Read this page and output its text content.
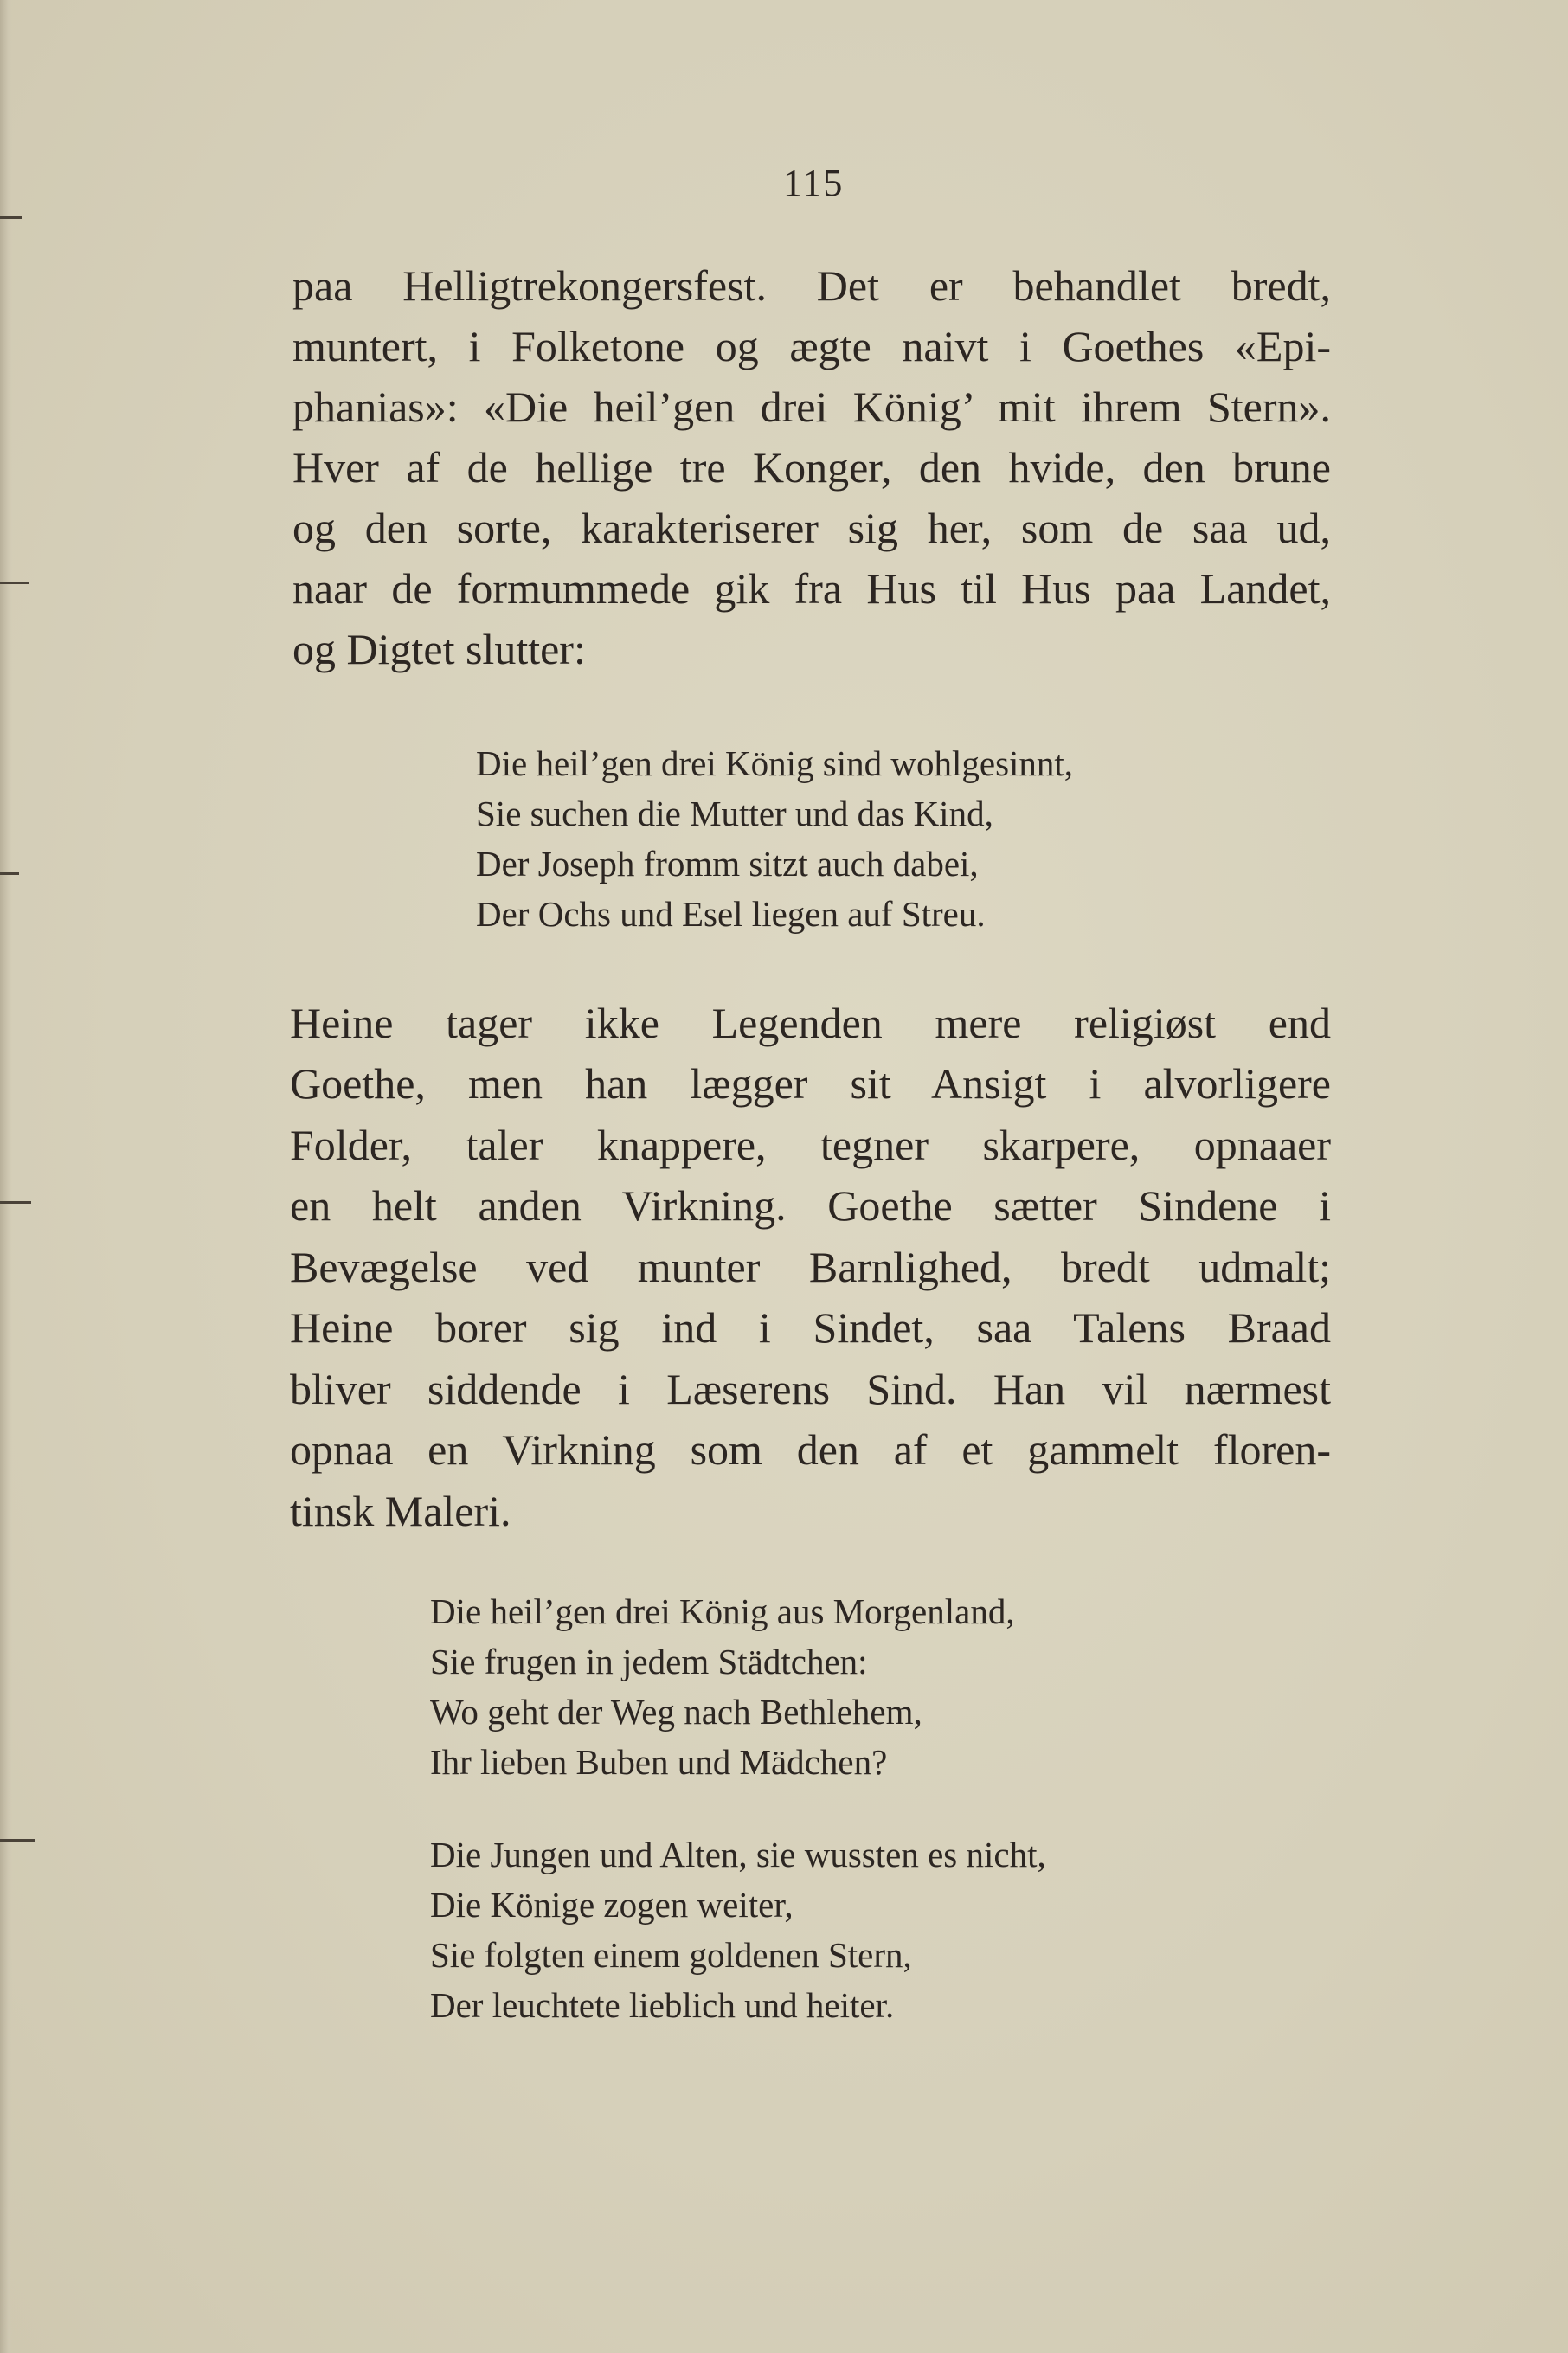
115
paa Helligtrekongersfest. Det er behandlet bredt,
muntert, i Folketone og ægte naivt i Goethes «Epi-
phanias»: «Die heil’gen drei König’ mit ihrem Stern».
Hver af de hellige tre Konger, den hvide, den brune
og den sorte, karakteriserer sig her, som de saa ud,
naar de formummede gik fra Hus til Hus paa Landet,
og Digtet slutter:
Die heil’gen drei König sind wohlgesinnt,
Sie suchen die Mutter und das Kind,
Der Joseph fromm sitzt auch dabei,
Der Ochs und Esel liegen auf Streu.
Heine tager ikke Legenden mere religiøst end
Goethe, men han lægger sit Ansigt i alvorligere
Folder, taler knappere, tegner skarpere, opnaaer
en helt anden Virkning. Goethe sætter Sindene i
Bevægelse ved munter Barnlighed, bredt udmalt;
Heine borer sig ind i Sindet, saa Talens Braad
bliver siddende i Læserens Sind. Han vil nærmest
opnaa en Virkning som den af et gammelt floren-
tinsk Maleri.
Die heil’gen drei König aus Morgenland,
Sie frugen in jedem Städtchen:
Wo geht der Weg nach Bethlehem,
Ihr lieben Buben und Mädchen?
Die Jungen und Alten, sie wussten es nicht,
Die Könige zogen weiter,
Sie folgten einem goldenen Stern,
Der leuchtete lieblich und heiter.
